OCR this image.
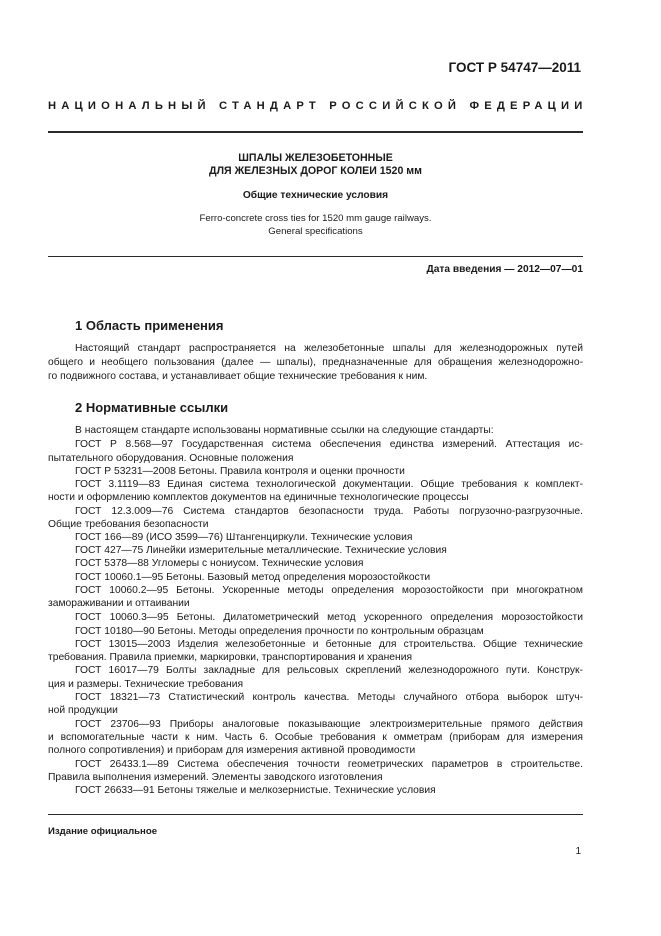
ГОСТ Р 54747—2011
НАЦИОНАЛЬНЫЙ СТАНДАРТ РОССИЙСКОЙ ФЕДЕРАЦИИ
ШПАЛЫ ЖЕЛЕЗОБЕТОННЫЕ
ДЛЯ ЖЕЛЕЗНЫХ ДОРОГ КОЛЕИ 1520 мм
Общие технические условия
Ferro-concrete cross ties for 1520 mm gauge railways.
General specifications
Дата введения — 2012—07—01
1 Область применения
Настоящий стандарт распространяется на железобетонные шпалы для железнодорожных путей
общего и необщего пользования (далее — шпалы), предназначенные для обращения железнодорожно-
го подвижного состава, и устанавливает общие технические требования к ним.
2 Нормативные ссылки
В настоящем стандарте использованы нормативные ссылки на следующие стандарты:
ГОСТ Р 8.568—97 Государственная система обеспечения единства измерений. Аттестация ис-
пытательного оборудования. Основные положения
ГОСТ Р 53231—2008 Бетоны. Правила контроля и оценки прочности
ГОСТ 3.1119—83 Единая система технологической документации. Общие требования к комплект-
ности и оформлению комплектов документов на единичные технологические процессы
ГОСТ 12.3.009—76 Система стандартов безопасности труда. Работы погрузочно-разгрузочные.
Общие требования безопасности
ГОСТ 166—89 (ИСО 3599—76) Штангенциркули. Технические условия
ГОСТ 427—75 Линейки измерительные металлические. Технические условия
ГОСТ 5378—88 Угломеры с нониусом. Технические условия
ГОСТ 10060.1—95 Бетоны. Базовый метод определения морозостойкости
ГОСТ 10060.2—95 Бетоны. Ускоренные методы определения морозостойкости при многократном
замораживании и оттаивании
ГОСТ 10060.3—95 Бетоны. Дилатометрический метод ускоренного определения морозостойкости
ГОСТ 10180—90 Бетоны. Методы определения прочности по контрольным образцам
ГОСТ 13015—2003 Изделия железобетонные и бетонные для строительства. Общие технические
требования. Правила приемки, маркировки, транспортирования и хранения
ГОСТ 16017—79 Болты закладные для рельсовых скреплений железнодорожного пути. Конструк-
ция и размеры. Технические требования
ГОСТ 18321—73 Статистический контроль качества. Методы случайного отбора выборок штуч-
ной продукции
ГОСТ 23706—93 Приборы аналоговые показывающие электроизмерительные прямого действия
и вспомогательные части к ним. Часть 6. Особые требования к омметрам (приборам для измерения
полного сопротивления) и приборам для измерения активной проводимости
ГОСТ 26433.1—89 Система обеспечения точности геометрических параметров в строительстве.
Правила выполнения измерений. Элементы заводского изготовления
ГОСТ 26633—91 Бетоны тяжелые и мелкозернистые. Технические условия
Издание официальное
1
